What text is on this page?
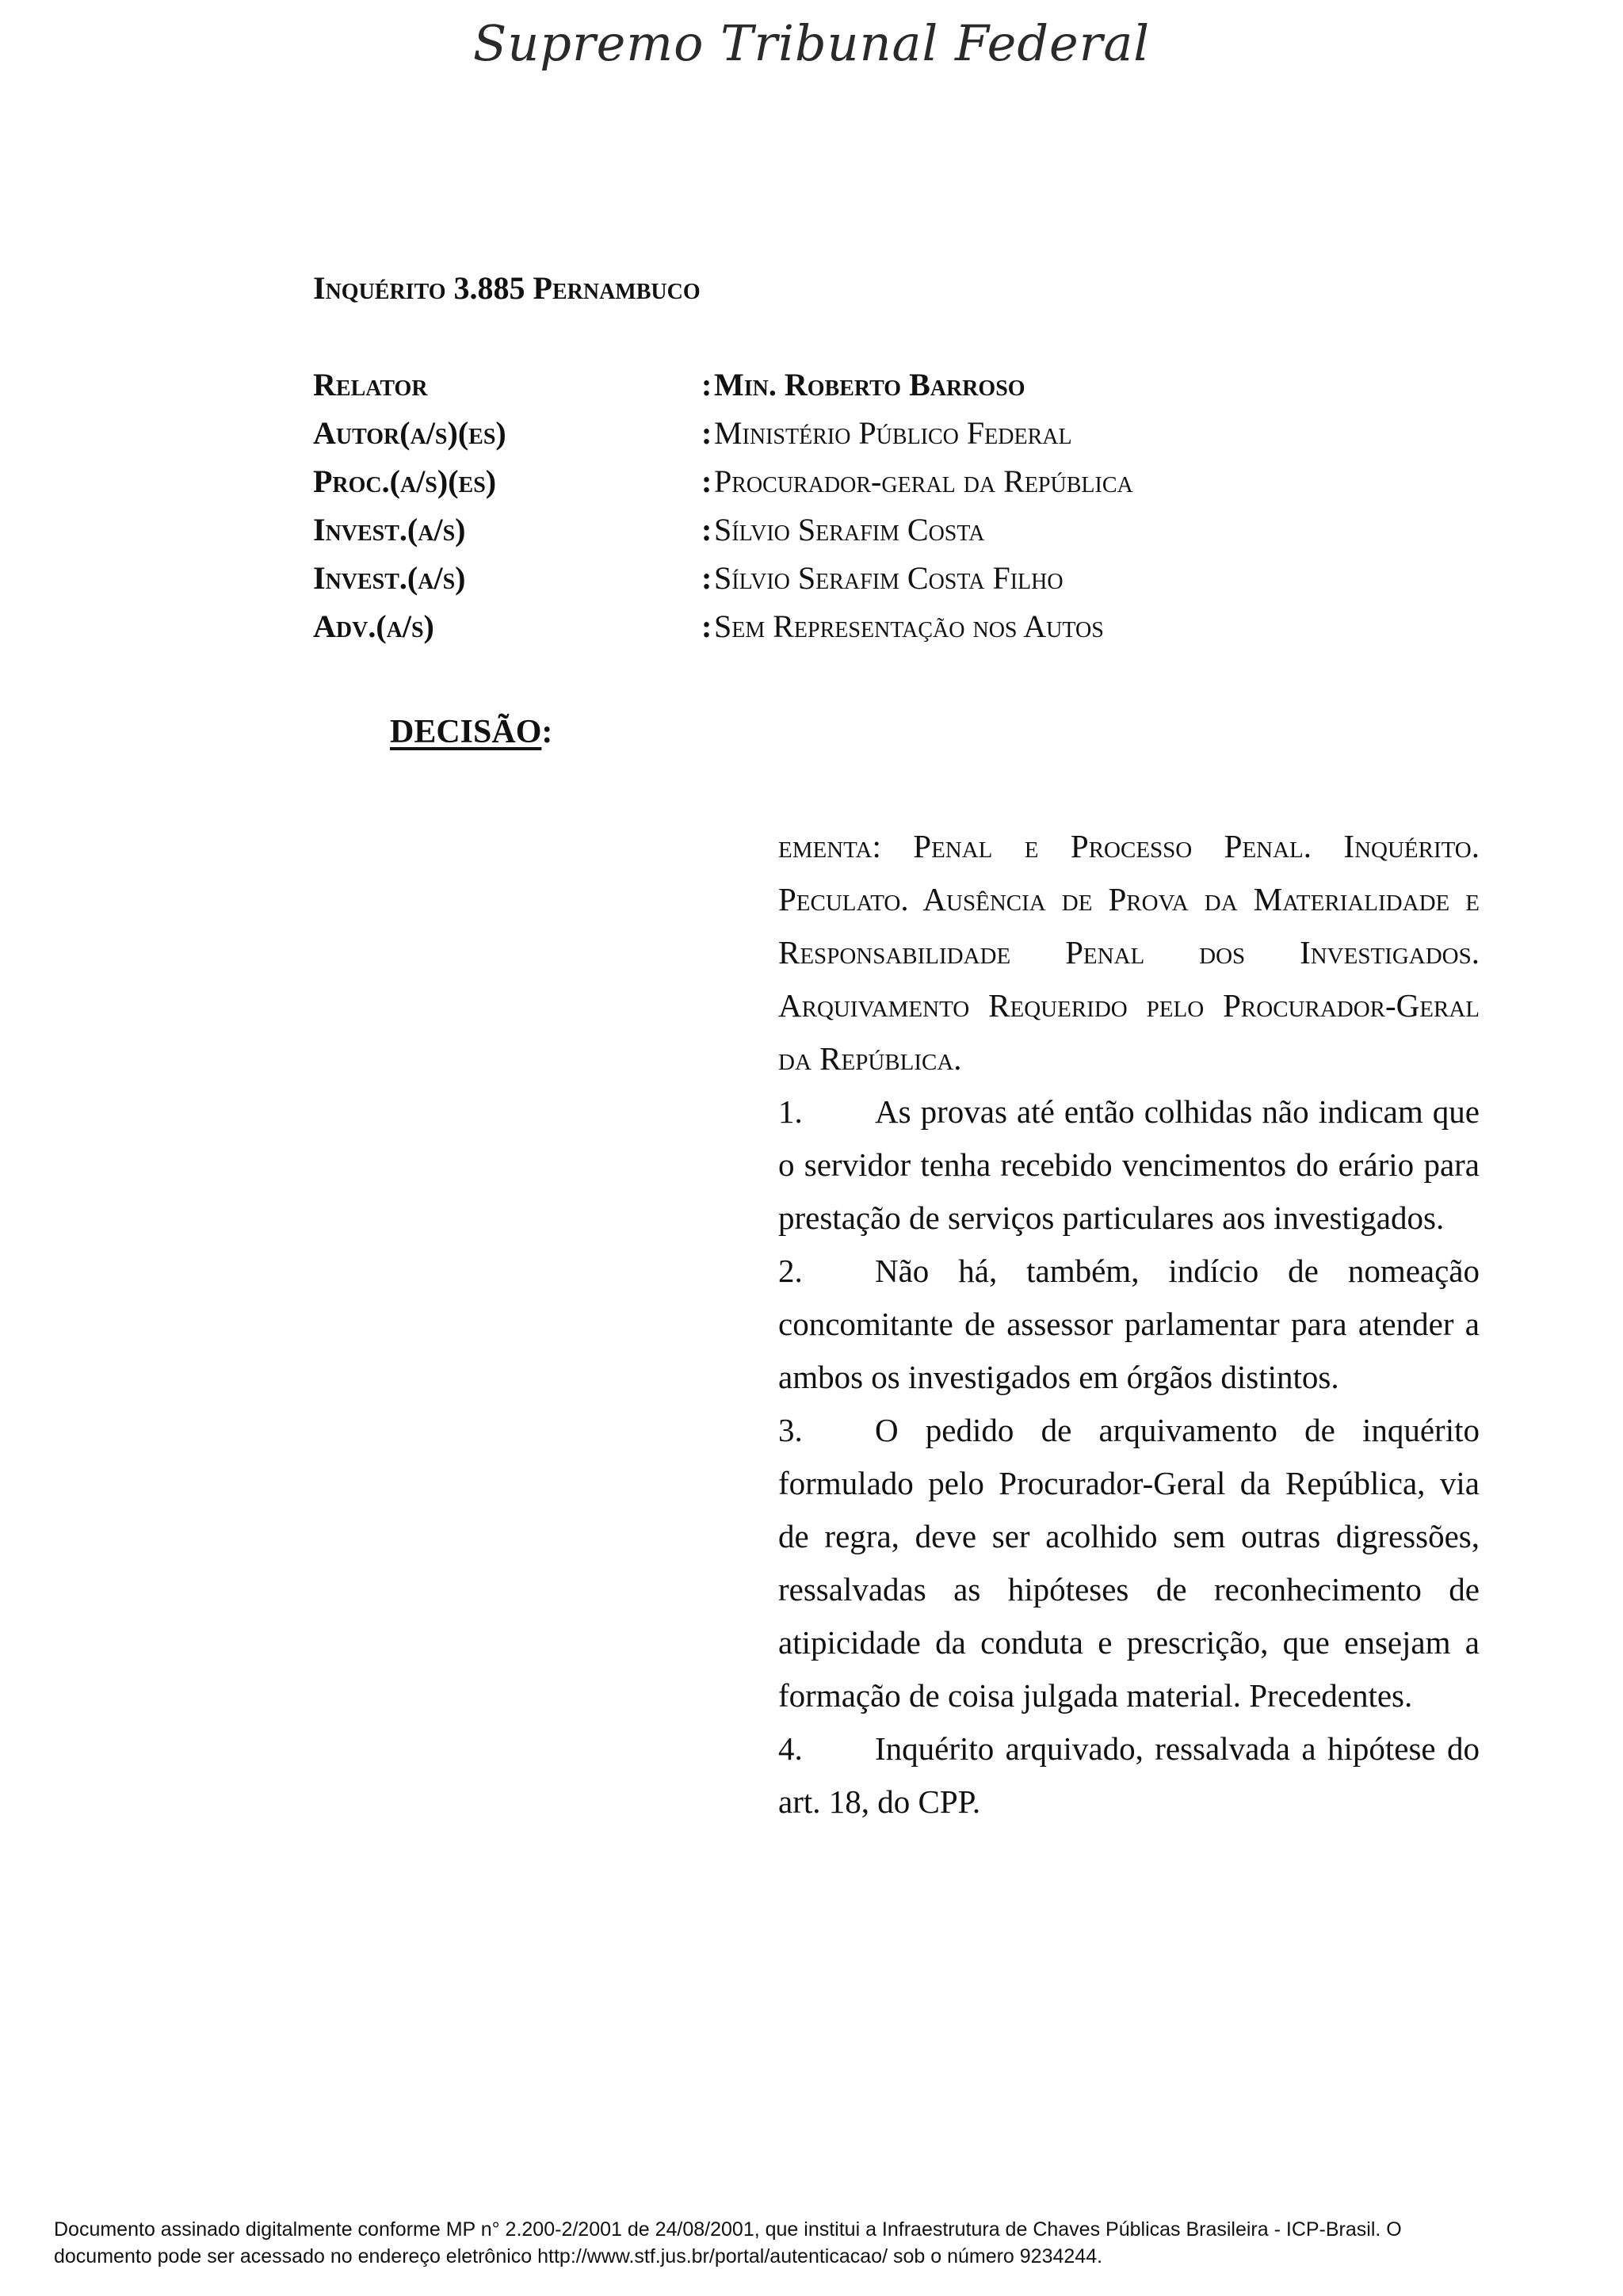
Supremo Tribunal Federal
Inquérito 3.885 Pernambuco
Relator	: Min. Roberto Barroso
Autor(a/s)(es)	: Ministério Público Federal
Proc.(a/s)(es)	: Procurador-geral da República
Invest.(a/s)	: Sílvio Serafim Costa
Invest.(a/s)	: Sílvio Serafim Costa Filho
Adv.(a/s)	: Sem Representação nos Autos
DECISÃO:

ementa: Penal e Processo Penal. Inquérito. Peculato. Ausência de Prova da Materialidade e Responsabilidade Penal dos Investigados. Arquivamento Requerido pelo Procurador-Geral da República.

1. As provas até então colhidas não indicam que o servidor tenha recebido vencimentos do erário para prestação de serviços particulares aos investigados.

2. Não há, também, indício de nomeação concomitante de assessor parlamentar para atender a ambos os investigados em órgãos distintos.

3. O pedido de arquivamento de inquérito formulado pelo Procurador-Geral da República, via de regra, deve ser acolhido sem outras digressões, ressalvadas as hipóteses de reconhecimento de atipicidade da conduta e prescrição, que ensejam a formação de coisa julgada material. Precedentes.

4. Inquérito arquivado, ressalvada a hipótese do art. 18, do CPP.

Documento assinado digitalmente conforme MP n° 2.200-2/2001 de 24/08/2001, que institui a Infraestrutura de Chaves Públicas Brasileira - ICP-Brasil. O
documento pode ser acessado no endereço eletrônico http://www.stf.jus.br/portal/autenticacao/ sob o número 9234244.
